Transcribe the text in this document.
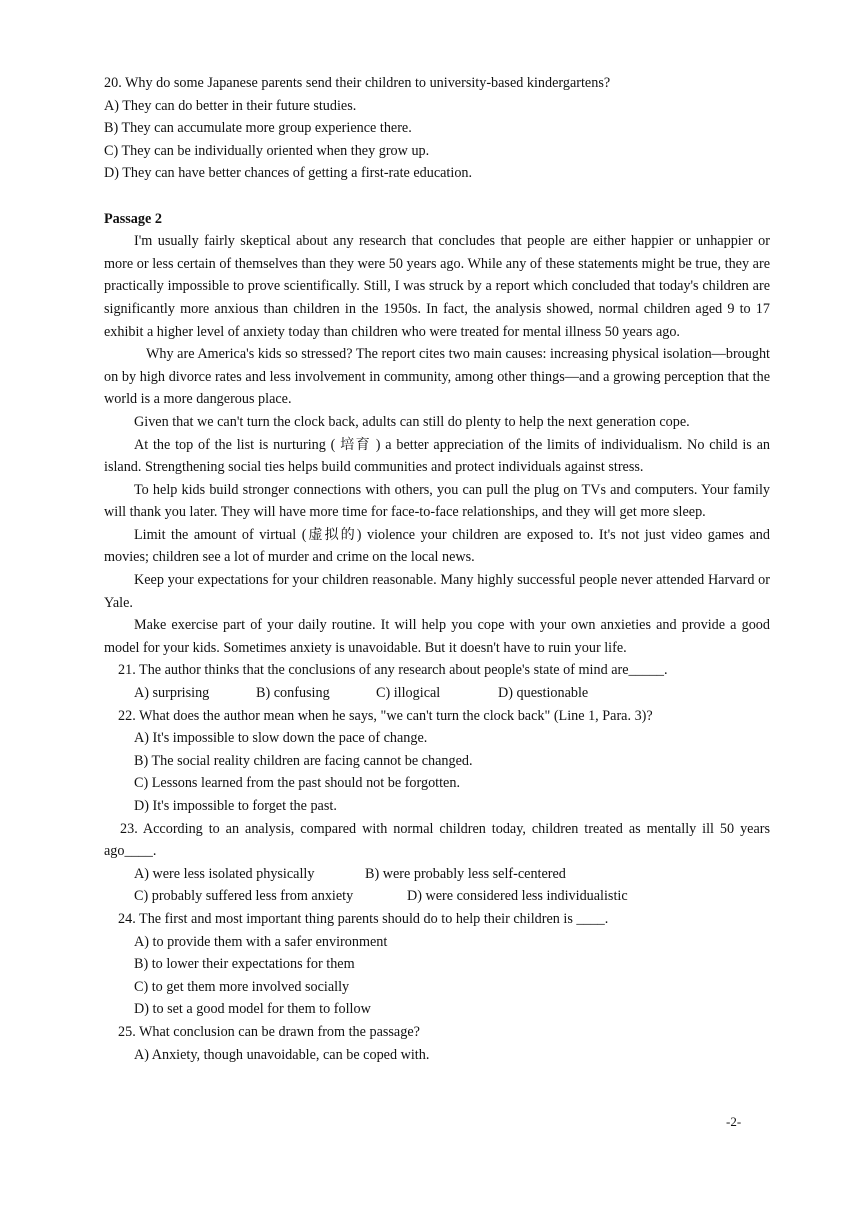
20. Why do some Japanese parents send their children to university-based kindergartens?
A) They can do better in their future studies.
B) They can accumulate more group experience there.
C) They can be individually oriented when they grow up.
D) They can have better chances of getting a first-rate education.
Passage 2

I'm usually fairly skeptical about any research that concludes that people are either happier or unhappier or more or less certain of themselves than they were 50 years ago. While any of these statements might be true, they are practically impossible to prove scientifically. Still, I was struck by a report which concluded that today's children are significantly more anxious than children in the 1950s. In fact, the analysis showed, normal children aged 9 to 17 exhibit a higher level of anxiety today than children who were treated for mental illness 50 years ago.

Why are America's kids so stressed? The report cites two main causes: increasing physical isolation—brought on by high divorce rates and less involvement in community, among other things—and a growing perception that the world is a more dangerous place.

Given that we can't turn the clock back, adults can still do plenty to help the next generation cope.

At the top of the list is nurturing ( 培育 ) a better appreciation of the limits of individualism. No child is an island. Strengthening social ties helps build communities and protect individuals against stress.

To help kids build stronger connections with others, you can pull the plug on TVs and computers. Your family will thank you later. They will have more time for face-to-face relationships, and they will get more sleep.

Limit the amount of virtual (虚拟的) violence your children are exposed to. It's not just video games and movies; children see a lot of murder and crime on the local news.

Keep your expectations for your children reasonable. Many highly successful people never attended Harvard or Yale.

Make exercise part of your daily routine. It will help you cope with your own anxieties and provide a good model for your kids. Sometimes anxiety is unavoidable. But it doesn't have to ruin your life.

21. The author thinks that the conclusions of any research about people's state of mind are_____.
A) surprising	B) confusing	C) illogical	D) questionable
22. What does the author mean when he says, "we can't turn the clock back" (Line 1, Para. 3)?
A) It's impossible to slow down the pace of change.
B) The social reality children are facing cannot be changed.
C) Lessons learned from the past should not be forgotten.
D) It's impossible to forget the past.

23. According to an analysis, compared with normal children today, children treated as mentally ill 50 years ago____.

A) were less isolated physically	B) were probably less self-centered
C) probably suffered less from anxiety	D) were considered less individualistic
24. The first and most important thing parents should do to help their children is ____.
A) to provide them with a safer environment
B) to lower their expectations for them
C) to get them more involved socially
D) to set a good model for them to follow
25. What conclusion can be drawn from the passage?
A) Anxiety, though unavoidable, can be coped with.
-2-
